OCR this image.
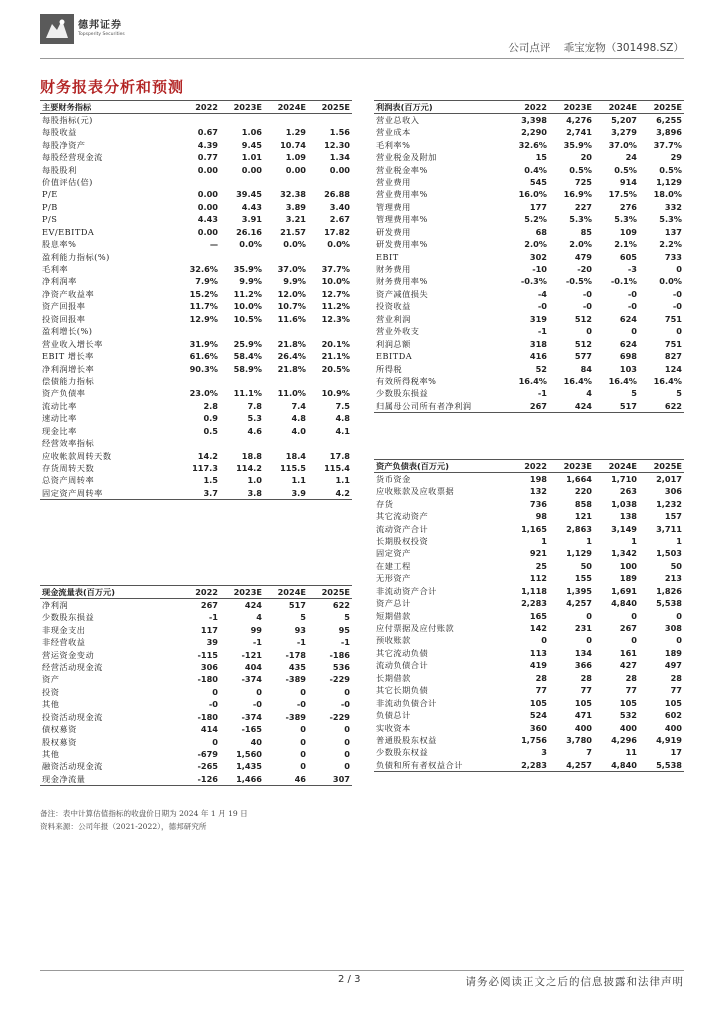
德邦证券
Topsperity Securities
公司点评 乖宝宠物（301498.SZ）
财务报表分析和预测
主要财务指标	2022	2023E	2024E	2025E
每股指标(元)				
每股收益	0.67	1.06	1.29	1.56
每股净资产	4.39	9.45	10.74	12.30
每股经营现金流	0.77	1.01	1.09	1.34
每股股利	0.00	0.00	0.00	0.00
价值评估(倍)				
P/E	0.00	39.45	32.38	26.88
P/B	0.00	4.43	3.89	3.40
P/S	4.43	3.91	3.21	2.67
EV/EBITDA	0.00	26.16	21.57	17.82
股息率%	—	0.0%	0.0%	0.0%
盈利能力指标(%)				
毛利率	32.6%	35.9%	37.0%	37.7%
净利润率	7.9%	9.9%	9.9%	10.0%
净资产收益率	15.2%	11.2%	12.0%	12.7%
资产回报率	11.7%	10.0%	10.7%	11.2%
投资回报率	12.9%	10.5%	11.6%	12.3%
盈利增长(%)				
营业收入增长率	31.9%	25.9%	21.8%	20.1%
EBIT 增长率	61.6%	58.4%	26.4%	21.1%
净利润增长率	90.3%	58.9%	21.8%	20.5%
偿债能力指标				
资产负债率	23.0%	11.1%	11.0%	10.9%
流动比率	2.8	7.8	7.4	7.5
速动比率	0.9	5.3	4.8	4.8
现金比率	0.5	4.6	4.0	4.1
经营效率指标				
应收帐款周转天数	14.2	18.8	18.4	17.8
存货周转天数	117.3	114.2	115.5	115.4
总资产周转率	1.5	1.0	1.1	1.1
固定资产周转率	3.7	3.8	3.9	4.2
利润表(百万元)	2022	2023E	2024E	2025E
营业总收入	3,398	4,276	5,207	6,255
营业成本	2,290	2,741	3,279	3,896
毛利率%	32.6%	35.9%	37.0%	37.7%
营业税金及附加	15	20	24	29
营业税金率%	0.4%	0.5%	0.5%	0.5%
营业费用	545	725	914	1,129
营业费用率%	16.0%	16.9%	17.5%	18.0%
管理费用	177	227	276	332
管理费用率%	5.2%	5.3%	5.3%	5.3%
研发费用	68	85	109	137
研发费用率%	2.0%	2.0%	2.1%	2.2%
EBIT	302	479	605	733
财务费用	-10	-20	-3	0
财务费用率%	-0.3%	-0.5%	-0.1%	0.0%
资产减值损失	-4	-0	-0	-0
投资收益	-0	-0	-0	-0
营业利润	319	512	624	751
营业外收支	-1	0	0	0
利润总额	318	512	624	751
EBITDA	416	577	698	827
所得税	52	84	103	124
有效所得税率%	16.4%	16.4%	16.4%	16.4%
少数股东损益	-1	4	5	5
归属母公司所有者净利润	267	424	517	622
资产负债表(百万元)	2022	2023E	2024E	2025E
货币资金	198	1,664	1,710	2,017
应收账款及应收票据	132	220	263	306
存货	736	858	1,038	1,232
其它流动资产	98	121	138	157
流动资产合计	1,165	2,863	3,149	3,711
长期股权投资	1	1	1	1
固定资产	921	1,129	1,342	1,503
在建工程	25	50	100	50
无形资产	112	155	189	213
非流动资产合计	1,118	1,395	1,691	1,826
资产总计	2,283	4,257	4,840	5,538
短期借款	165	0	0	0
应付票据及应付账款	142	231	267	308
预收账款	0	0	0	0
其它流动负债	113	134	161	189
流动负债合计	419	366	427	497
长期借款	28	28	28	28
其它长期负债	77	77	77	77
非流动负债合计	105	105	105	105
负债总计	524	471	532	602
实收资本	360	400	400	400
普通股股东权益	1,756	3,780	4,296	4,919
少数股东权益	3	7	11	17
负债和所有者权益合计	2,283	4,257	4,840	5,538
现金流量表(百万元)	2022	2023E	2024E	2025E
净利润	267	424	517	622
少数股东损益	-1	4	5	5
非现金支出	117	99	93	95
非经营收益	39	-1	-1	-1
营运资金变动	-115	-121	-178	-186
经营活动现金流	306	404	435	536
资产	-180	-374	-389	-229
投资	0	0	0	0
其他	-0	-0	-0	-0
投资活动现金流	-180	-374	-389	-229
债权募资	414	-165	0	0
股权募资	0	40	0	0
其他	-679	1,560	0	0
融资活动现金流	-265	1,435	0	0
现金净流量	-126	1,466	46	307
备注：表中计算估值指标的收盘价日期为 2024 年 1 月 19 日
资料来源：公司年报（2021-2022），德邦研究所
2 / 3	请务必阅读正文之后的信息披露和法律声明
